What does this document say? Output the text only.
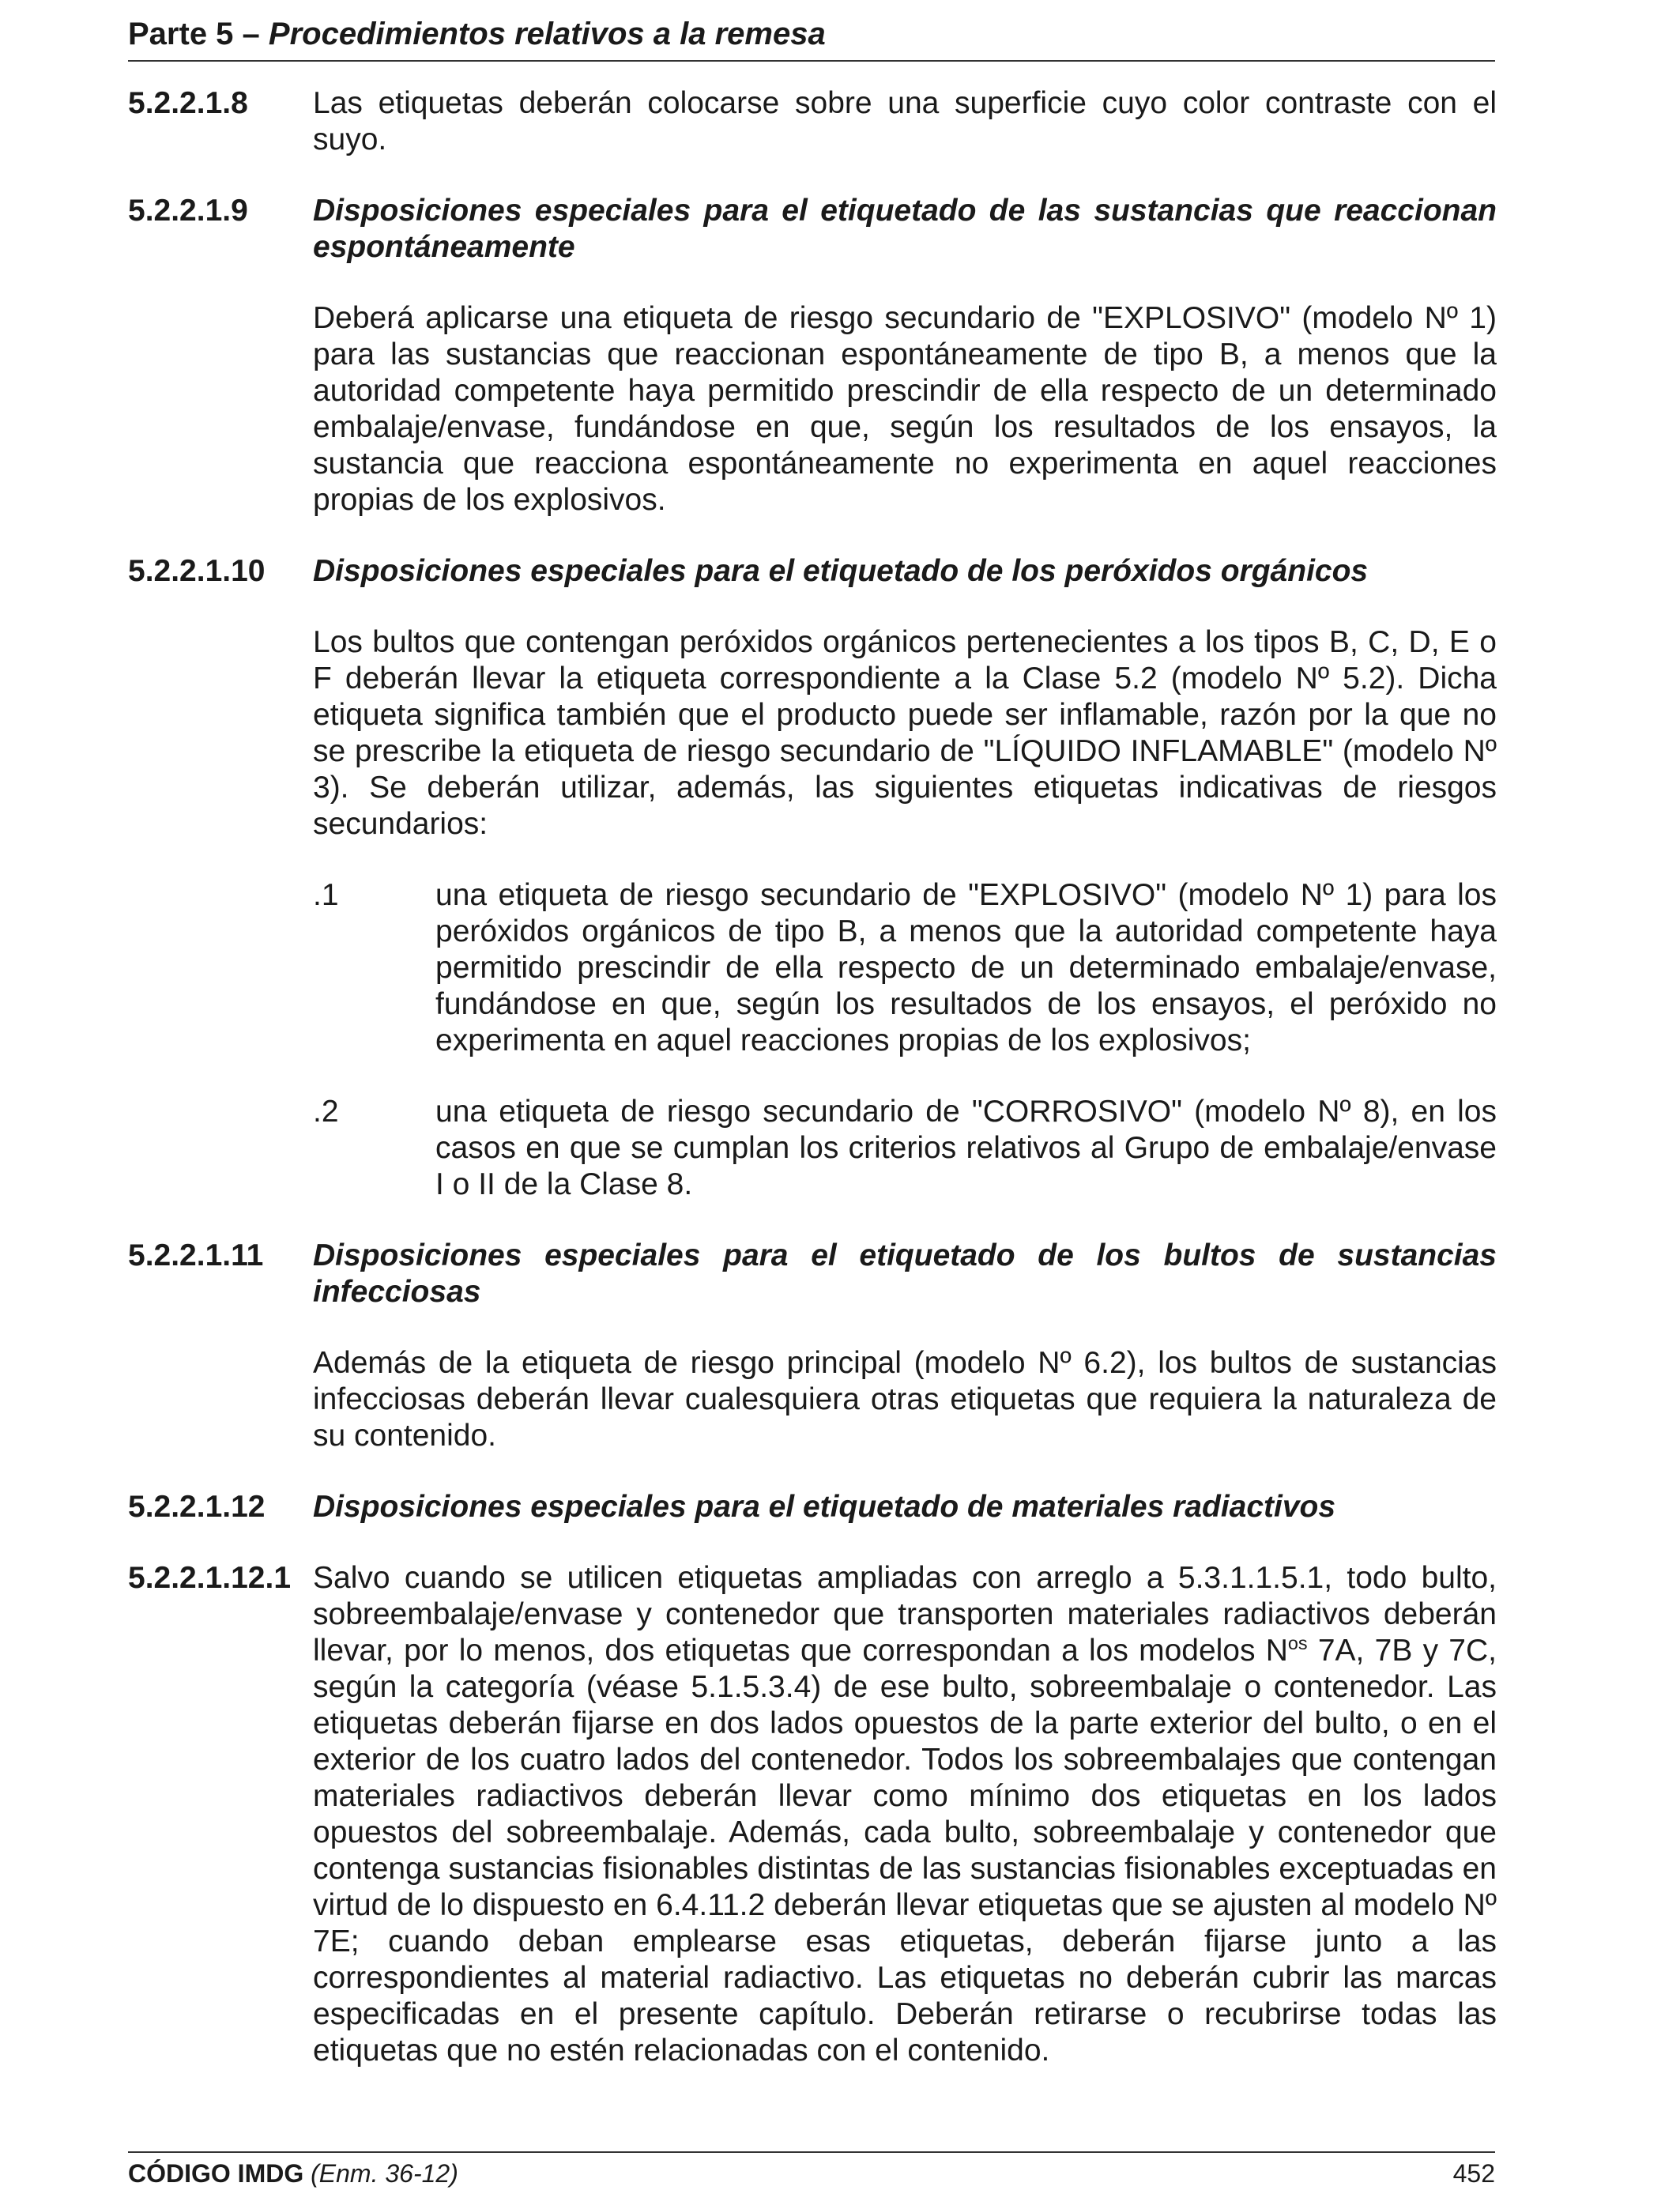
Parte 5 – Procedimientos relativos a la remesa
5.2.2.1.8	Las etiquetas deberán colocarse sobre una superficie cuyo color contraste con el suyo.
5.2.2.1.9	Disposiciones especiales para el etiquetado de las sustancias que reaccionan espontáneamente
Deberá aplicarse una etiqueta de riesgo secundario de "EXPLOSIVO" (modelo Nº 1) para las sustancias que reaccionan espontáneamente de tipo B, a menos que la autoridad competente haya permitido prescindir de ella respecto de un determinado embalaje/envase, fundándose en que, según los resultados de los ensayos, la sustancia que reacciona espontáneamente no experimenta en aquel reacciones propias de los explosivos.
5.2.2.1.10	Disposiciones especiales para el etiquetado de los peróxidos orgánicos
Los bultos que contengan peróxidos orgánicos pertenecientes a los tipos B, C, D, E o F deberán llevar la etiqueta correspondiente a la Clase 5.2 (modelo Nº 5.2). Dicha etiqueta significa también que el producto puede ser inflamable, razón por la que no se prescribe la etiqueta de riesgo secundario de "LÍQUIDO INFLAMABLE" (modelo Nº 3). Se deberán utilizar, además, las siguientes etiquetas indicativas de riesgos secundarios:
.1	una etiqueta de riesgo secundario de "EXPLOSIVO" (modelo Nº 1) para los peróxidos orgánicos de tipo B, a menos que la autoridad competente haya permitido prescindir de ella respecto de un determinado embalaje/envase, fundándose en que, según los resultados de los ensayos, el peróxido no experimenta en aquel reacciones propias de los explosivos;
.2	una etiqueta de riesgo secundario de "CORROSIVO" (modelo Nº 8), en los casos en que se cumplan los criterios relativos al Grupo de embalaje/envase I o II de la Clase 8.
5.2.2.1.11	Disposiciones especiales para el etiquetado de los bultos de sustancias infecciosas
Además de la etiqueta de riesgo principal (modelo Nº 6.2), los bultos de sustancias infecciosas deberán llevar cualesquiera otras etiquetas que requiera la naturaleza de su contenido.
5.2.2.1.12	Disposiciones especiales para el etiquetado de materiales radiactivos
5.2.2.1.12.1 Salvo cuando se utilicen etiquetas ampliadas con arreglo a 5.3.1.1.5.1, todo bulto, sobreembalaje/envase y contenedor que transporten materiales radiactivos deberán llevar, por lo menos, dos etiquetas que correspondan a los modelos $N^{os}$ 7A, 7B y 7C, según la categoría (véase 5.1.5.3.4) de ese bulto, sobreembalaje o contenedor. Las etiquetas deberán fijarse en dos lados opuestos de la parte exterior del bulto, o en el exterior de los cuatro lados del contenedor. Todos los sobreembalajes que contengan materiales radiactivos deberán llevar como mínimo dos etiquetas en los lados opuestos del sobreembalaje. Además, cada bulto, sobreembalaje y contenedor que contenga sustancias fisionables distintas de las sustancias fisionables exceptuadas en virtud de lo dispuesto en 6.4.11.2 deberán llevar etiquetas que se ajusten al modelo Nº 7E; cuando deban emplearse esas etiquetas, deberán fijarse junto a las correspondientes al material radiactivo. Las etiquetas no deberán cubrir las marcas especificadas en el presente capítulo. Deberán retirarse o recubrirse todas las etiquetas que no estén relacionadas con el contenido.
CÓDIGO IMDG (Enm. 36-12)	452
